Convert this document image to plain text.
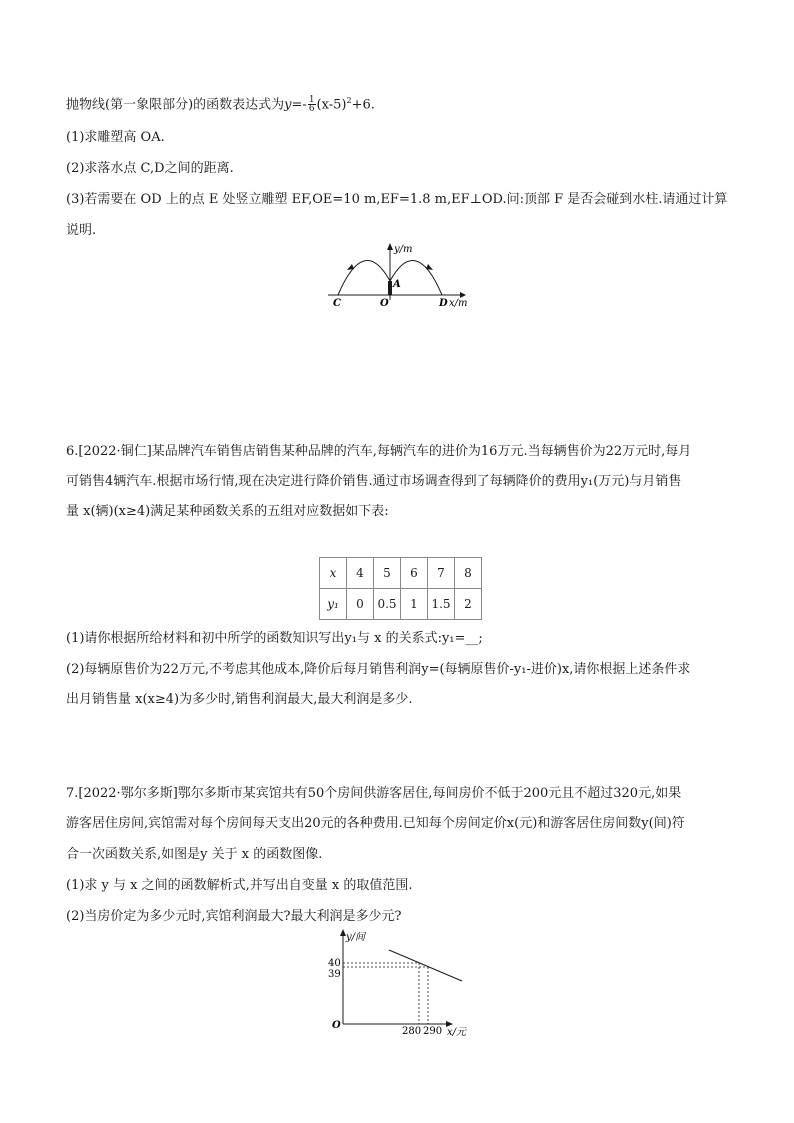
抛物线(第一象限部分)的函数表达式为$y=- \frac{1}{6} (x-5)^2+6$.
(1)求雕塑高 OA.
(2)求落水点 C,D之间的距离.
(3)若需要在 OD 上的点 E 处竖立雕塑 EF,OE=10 m,EF=1.8 m,EF⊥OD.问:顶部 F 是否会碰到水柱.请通过计算
说明.
y/m
x/m
C	O
A
D
6.[2022·铜仁]某品牌汽车销售店销售某种品牌的汽车,每辆汽车的进价为16万元.当每辆售价为22万元时,每月
可销售4辆汽车.根据市场行情,现在决定进行降价销售.通过市场调查得到了每辆降价的费用y₁(万元)与月销售
量 x(辆)(x≥4)满足某种函数关系的五组对应数据如下表:
x	4	5	6	7	8
y₁	0	0.5	1	1.5	2
(1)请你根据所给材料和初中所学的函数知识写出y₁与 x 的关系式:y₁=__;
(2)每辆原售价为22万元,不考虑其他成本,降价后每月销售利润y=(每辆原售价-y₁-进价)x,请你根据上述条件求
出月销售量 x(x≥4)为多少时,销售利润最大,最大利润是多少.
7.[2022·鄂尔多斯]鄂尔多斯市某宾馆共有50个房间供游客居住,每间房价不低于200元且不超过320元,如果
游客居住房间,宾馆需对每个房间每天支出20元的各种费用.已知每个房间定价x(元)和游客居住房间数y(间)符
合一次函数关系,如图是y 关于 x 的函数图像.
(1)求 y 与 x 之间的函数解析式,并写出自变量 x 的取值范围.
(2)当房价定为多少元时,宾馆利润最大?最大利润是多少元?
y/间
40
39
O
280 290 x/元
